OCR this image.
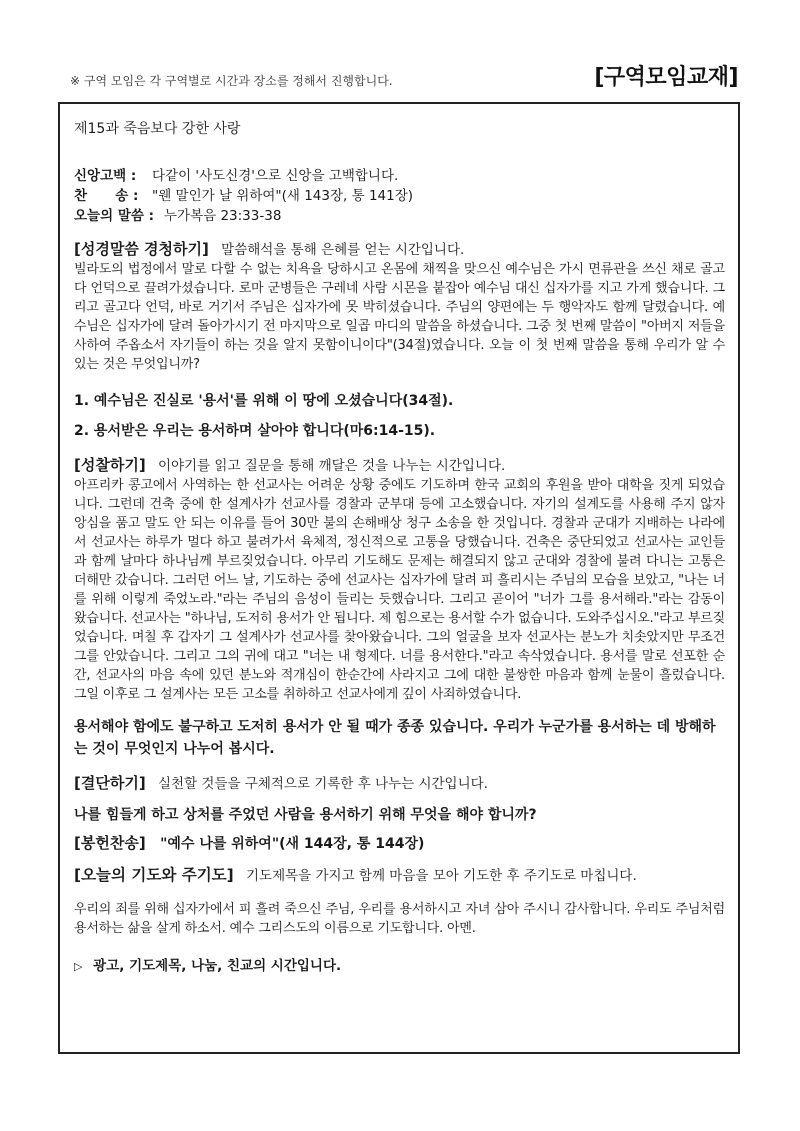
※ 구역 모임은 각 구역별로 시간과 장소를 정해서 진행합니다.	[구역모임교재]
제15과 죽음보다 강한 사랑
신앙고백 :	다같이 '사도신경'으로 신앙을 고백합니다.
찬      송 :	"웬 말인가 날 위하여"(새 143장, 통 141장)
오늘의 말씀 : 누가복음 23:33-38
[성경말씀 경청하기] 말씀해석을 통해 은혜를 얻는 시간입니다.

빌라도의 법정에서 말로 다할 수 없는 치욕을 당하시고 온몸에 채찍을 맞으신 예수님은 가시 면류관을 쓰신 채로 골고다 언덕으로 끌려가셨습니다. 로마 군병들은 구레네 사람 시몬을 붙잡아 예수님 대신 십자가를 지고 가게 했습니다. 그리고 골고다 언덕, 바로 거기서 주님은 십자가에 못 박히셨습니다. 주님의 양편에는 두 행악자도 함께 달렸습니다. 예수님은 십자가에 달려 돌아가시기 전 마지막으로 일곱 마디의 말씀을 하셨습니다. 그중 첫 번째 말씀이 "아버지 저들을 사하여 주옵소서 자기들이 하는 것을 알지 못함이니이다"(34절)였습니다. 오늘 이 첫 번째 말씀을 통해 우리가 알 수 있는 것은 무엇입니까?

1. 예수님은 진실로 '용서'를 위해 이 땅에 오셨습니다(34절).

2. 용서받은 우리는 용서하며 살아야 합니다(마6:14-15).

[성찰하기] 이야기를 읽고 질문을 통해 깨달은 것을 나누는 시간입니다.

아프리카 콩고에서 사역하는 한 선교사는 어려운 상황 중에도 기도하며 한국 교회의 후원을 받아 대학을 짓게 되었습니다. 그런데 건축 중에 한 설계사가 선교사를 경찰과 군부대 등에 고소했습니다. 자기의 설계도를 사용해 주지 않자 앙심을 품고 말도 안 되는 이유를 들어 30만 불의 손해배상 청구 소송을 한 것입니다. 경찰과 군대가 지배하는 나라에서 선교사는 하루가 멀다 하고 불려가서 육체적, 정신적으로 고통을 당했습니다. 건축은 중단되었고 선교사는 교인들과 함께 날마다 하나님께 부르짖었습니다. 아무리 기도해도 문제는 해결되지 않고 군대와 경찰에 불려 다니는 고통은 더해만 갔습니다. 그러던 어느 날, 기도하는 중에 선교사는 십자가에 달려 피 흘리시는 주님의 모습을 보았고, "나는 너를 위해 이렇게 죽었노라."라는 주님의 음성이 들리는 듯했습니다. 그리고 곧이어 "너가 그를 용서해라."라는 감동이 왔습니다. 선교사는 "하나님, 도저히 용서가 안 됩니다. 제 힘으로는 용서할 수가 없습니다. 도와주십시오."라고 부르짖었습니다. 며칠 후 갑자기 그 설계사가 선교사를 찾아왔습니다. 그의 얼굴을 보자 선교사는 분노가 치솟았지만 무조건 그를 안았습니다. 그리고 그의 귀에 대고 "너는 내 형제다. 너를 용서한다."라고 속삭였습니다. 용서를 말로 선포한 순간, 선교사의 마음 속에 있던 분노와 적개심이 한순간에 사라지고 그에 대한 불쌍한 마음과 함께 눈물이 흘렀습니다. 그일 이후로 그 설계사는 모든 고소를 취하하고 선교사에게 깊이 사죄하였습니다.

용서해야 함에도 불구하고 도저히 용서가 안 될 때가 종종 있습니다. 우리가 누군가를 용서하는 데 방해하는 것이 무엇인지 나누어 봅시다.

[결단하기] 실천할 것들을 구체적으로 기록한 후 나누는 시간입니다.

나를 힘들게 하고 상처를 주었던 사람을 용서하기 위해 무엇을 해야 합니까?

[봉헌찬송] "예수 나를 위하여"(새 144장, 통 144장)
[오늘의 기도와 주기도] 기도제목을 가지고 함께 마음을 모아 기도한 후 주기도로 마칩니다.

우리의 죄를 위해 십자가에서 피 흘려 죽으신 주님, 우리를 용서하시고 자녀 삼아 주시니 감사합니다. 우리도 주님처럼 용서하는 삶을 살게 하소서. 예수 그리스도의 이름으로 기도합니다. 아멘.

▷ 광고, 기도제목, 나눔, 친교의 시간입니다.
